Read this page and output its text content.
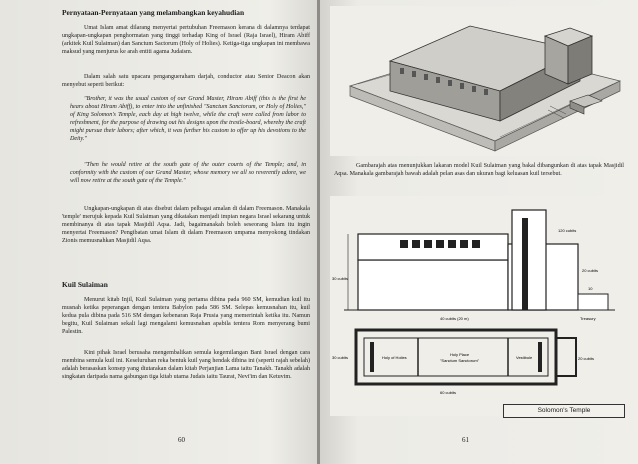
Pernyataan-Pernyataan yang melambangkan keyahudian
Umat Islam amat dilarang menyertai pertubuhan Freemason kerana di dalamnya terdapat ungkapan-ungkapan penghormatan yang tinggi terhadap King of Israel (Raja Israel), Hiram Abiff (arkitek Kuil Sulaiman) dan Sanctum Sactorum (Holy of Holies). Ketiga-tiga ungkapan ini membawa maksud yang menjurus ke arah entiti agama Judaism.
Dalam salah satu upacara pengangueraham darjah, conductor atau Senior Deacon akan menyebut seperti berikut:
"Brother, it was the usual custom of our Grand Master, Hiram Abiff (this is the first he hears about Hiram Abiff), to enter into the unfinished "Sanctum Sanctorum, or Holy of Holies," of King Solomon's Temple, each day at high twelve, while the craft were called from labor to refreshment, for the purpose of drawing out his designs upon the trestle-board, whereby the craft might pursue their labors; after which, it was further his custom to offer up his devotions to the Deity."
"Then he would retire at the south gate of the outer courts of the Temple; and, in conformity with the custom of our Grand Master, whose memory we all so reverently adore, we will now retire at the south gate of the Temple."
Ungkapan-ungkapan di atas disebut dalam pelbagai amalan di dalam Freemason. Manakala 'temple' merujuk kepada Kuil Sulaiman yang dikatakan menjadi impian negara Israel sekarang untuk membinanya di atas tapak Masjidil Aqsa. Jadi, bagaimanakah boleh seseorang Islam itu ingin menyertai Freemason? Pengibatan umat Islam di dalam Freemason umpama menyokong tindakan Zionis memusnahkan Masjidil Aqsa.
Kuil Sulaiman
Menurut kitab Injil, Kuil Sulaiman yang pertama dibina pada 960 SM, kemudian kuil itu musnah ketika peperangan dengan tentera Babylon pada 586 SM. Selepas kemusnahan itu, kuil kedua pula dibina pada 516 SM dengan kebenaran Raja Prusia yang memerintah ketika itu. Namun begitu, Kuil Sulaiman sekali lagi mengalami kemusnahan apabila tentera Rom menyerang bumi Palestin.
Kini pihak Israel berusaha mengembalikan semula kegemilangan Bani Israel dengan cara membina semula kuil ini. Keseluruhan reka bentuk kuil yang hendak dibina ini (seperti rajah sebelah) adalah berasaskan konsep yang diutarakan dalam kitab Perjanjian Lama iaitu Tanakh. Tanakh adalah singkatan daripada nama gabungan tiga kitab utama Judais iaitu Taurat, Nevi'im dan Ketuvim.
60
Gambarajah atas menunjukkan lakaran model Kuil Sulaiman yang bakal dibangunkan di atas tapak Masjidil Aqsa. Manakala gambarajah bawah adalah pelan asas dan ukuran bagi keluasan kuil tersebut.
30 cubits
120 cubits
20 cubits
10
40 cubits (20 m)	Treasury
Holy of Holies
Holy Place
"Sanctum Sanctorum"
Vestibule
30 cubits
60 cubits
20 cubits
Solomon's Temple
61
